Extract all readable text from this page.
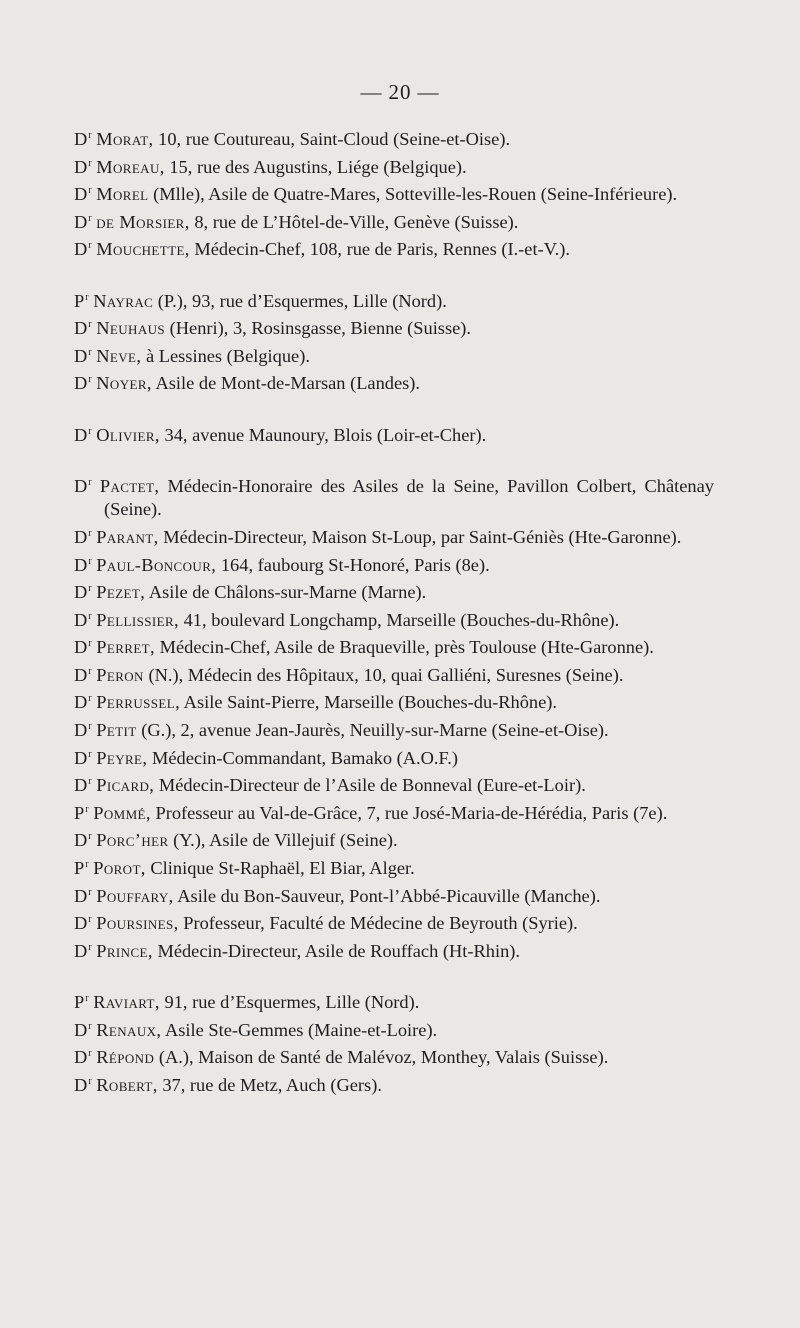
— 20 —
$D^r$ Morat, 10, rue Coutureau, Saint-Cloud (Seine-et-Oise).
$D^r$ Moreau, 15, rue des Augustins, Liége (Belgique).
$D^r$ Morel (Mlle), Asile de Quatre-Mares, Sotteville-les-Rouen (Seine-Inférieure).
$D^r$ de Morsier, 8, rue de L’Hôtel-de-Ville, Genève (Suisse).
$D^r$ Mouchette, Médecin-Chef, 108, rue de Paris, Rennes (I.-et-V.).
$P^r$ Nayrac (P.), 93, rue d’Esquermes, Lille (Nord).
$D^r$ Neuhaus (Henri), 3, Rosinsgasse, Bienne (Suisse).
$D^r$ Neve, à Lessines (Belgique).
$D^r$ Noyer, Asile de Mont-de-Marsan (Landes).
$D^r$ Olivier, 34, avenue Maunoury, Blois (Loir-et-Cher).
$D^r$ Pactet, Médecin-Honoraire des Asiles de la Seine, Pavillon Colbert, Châtenay (Seine).
$D^r$ Parant, Médecin-Directeur, Maison St-Loup, par Saint-Géniès (Hte-Garonne).
$D^r$ Paul-Boncour, 164, faubourg St-Honoré, Paris (8e).
$D^r$ Pezet, Asile de Châlons-sur-Marne (Marne).
$D^r$ Pellissier, 41, boulevard Longchamp, Marseille (Bouches-du-Rhône).
$D^r$ Perret, Médecin-Chef, Asile de Braqueville, près Toulouse (Hte-Garonne).
$D^r$ Peron (N.), Médecin des Hôpitaux, 10, quai Galliéni, Suresnes (Seine).
$D^r$ Perrussel, Asile Saint-Pierre, Marseille (Bouches-du-Rhône).
$D^r$ Petit (G.), 2, avenue Jean-Jaurès, Neuilly-sur-Marne (Seine-et-Oise).
$D^r$ Peyre, Médecin-Commandant, Bamako (A.O.F.)
$D^r$ Picard, Médecin-Directeur de l’Asile de Bonneval (Eure-et-Loir).
$P^r$ Pommé, Professeur au Val-de-Grâce, 7, rue José-Maria-de-Hérédia, Paris (7e).
$D^r$ Porc’her (Y.), Asile de Villejuif (Seine).
$P^r$ Porot, Clinique St-Raphaël, El Biar, Alger.
$D^r$ Pouffary, Asile du Bon-Sauveur, Pont-l’Abbé-Picauville (Manche).
$D^r$ Poursines, Professeur, Faculté de Médecine de Beyrouth (Syrie).
$D^r$ Prince, Médecin-Directeur, Asile de Rouffach (Ht-Rhin).
$P^r$ Raviart, 91, rue d’Esquermes, Lille (Nord).
$D^r$ Renaux, Asile Ste-Gemmes (Maine-et-Loire).
$D^r$ Répond (A.), Maison de Santé de Malévoz, Monthey, Valais (Suisse).
$D^r$ Robert, 37, rue de Metz, Auch (Gers).
